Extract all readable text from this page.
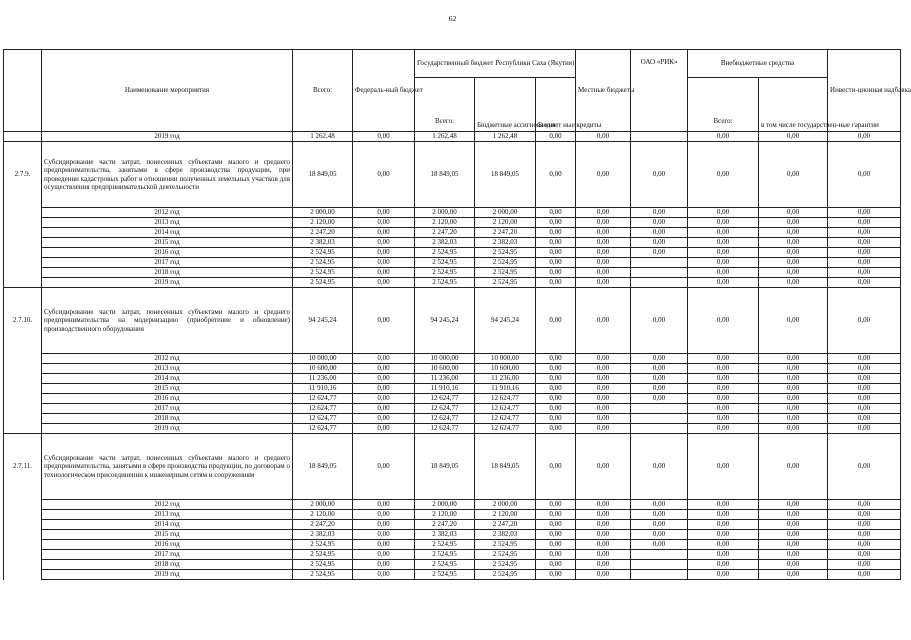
62
	Наименование мероприятия	Всего:	Федераль-ный бюджет	Государственный бюджет Республики Саха (Якутия)			Местные бюджеты	ОАО «РИК»	Внебюджетные средства		Инвести-ционная надбавка
				Всего:	Бюджетные ассигнова ния	Бюджет ные кредиты			Всего:	в том числе государствен-ные гарантии	
	2019 год	1 262,48	0,00	1 262,48	1 262,48	0,00	0,00		0,00	0,00	0,00
2.7.9.	Субсидирование части затрат, понесенных субъектами малого и среднего предпринимательства, занятыми в сфере производства продукции, при проведении кадастровых работ в отношении полученных земельных участков для осуществления предпринимательской деятельности	18 849,05	0,00	18 849,05	18 849,05	0,00	0,00	0,00	0,00	0,00	0,00
	2012 год	2 000,00	0,00	2 000,00	2 000,00	0,00	0,00	0,00	0,00	0,00	0,00
	2013 год	2 120,00	0,00	2 120,00	2 120,00	0,00	0,00	0,00	0,00	0,00	0,00
	2014 год	2 247,20	0,00	2 247,20	2 247,20	0,00	0,00	0,00	0,00	0,00	0,00
	2015 год	2 382,03	0,00	2 382,03	2 382,03	0,00	0,00	0,00	0,00	0,00	0,00
	2016 год	2 524,95	0,00	2 524,95	2 524,95	0,00	0,00	0,00	0,00	0,00	0,00
	2017 год	2 524,95	0,00	2 524,95	2 524,95	0,00	0,00		0,00	0,00	0,00
	2018 год	2 524,95	0,00	2 524,95	2 524,95	0,00	0,00		0,00	0,00	0,00
	2019 год	2 524,95	0,00	2 524,95	2 524,95	0,00	0,00		0,00	0,00	0,00
2.7.10.	Субсидирование части затрат, понесенных субъектами малого и среднего предпринимательства на модернизацию (приобретение и обновление) производственного оборудования	94 245,24	0,00	94 245,24	94 245,24	0,00	0,00	0,00	0,00	0,00	0,00
	2012 год	10 000,00	0,00	10 000,00	10 000,00	0,00	0,00	0,00	0,00	0,00	0,00
	2013 год	10 600,00	0,00	10 600,00	10 600,00	0,00	0,00	0,00	0,00	0,00	0,00
	2014 год	11 236,00	0,00	11 236,00	11 236,00	0,00	0,00	0,00	0,00	0,00	0,00
	2015 год	11 910,16	0,00	11 910,16	11 910,16	0,00	0,00	0,00	0,00	0,00	0,00
	2016 год	12 624,77	0,00	12 624,77	12 624,77	0,00	0,00	0,00	0,00	0,00	0,00
	2017 год	12 624,77	0,00	12 624,77	12 624,77	0,00	0,00		0,00	0,00	0,00
	2018 год	12 624,77	0,00	12 624,77	12 624,77	0,00	0,00		0,00	0,00	0,00
	2019 год	12 624,77	0,00	12 624,77	12 624,77	0,00	0,00		0,00	0,00	0,00
2.7.11.	Субсидирование части затрат, понесенных субъектами малого и среднего предпринимательства, занятыми в сфере производства продукции, по договорам о технологическом присоединении к инженерным сетям и сооружениям	18 849,05	0,00	18 849,05	18 849,05	0,00	0,00	0,00	0,00	0,00	0,00
	2012 год	2 000,00	0,00	2 000,00	2 000,00	0,00	0,00	0,00	0,00	0,00	0,00
	2013 год	2 120,00	0,00	2 120,00	2 120,00	0,00	0,00	0,00	0,00	0,00	0,00
	2014 год	2 247,20	0,00	2 247,20	2 247,20	0,00	0,00	0,00	0,00	0,00	0,00
	2015 год	2 382,03	0,00	2 382,03	2 382,03	0,00	0,00	0,00	0,00	0,00	0,00
	2016 год	2 524,95	0,00	2 524,95	2 524,95	0,00	0,00	0,00	0,00	0,00	0,00
	2017 год	2 524,95	0,00	2 524,95	2 524,95	0,00	0,00		0,00	0,00	0,00
	2018 год	2 524,95	0,00	2 524,95	2 524,95	0,00	0,00		0,00	0,00	0,00
	2019 год	2 524,95	0,00	2 524,95	2 524,95	0,00	0,00		0,00	0,00	0,00
